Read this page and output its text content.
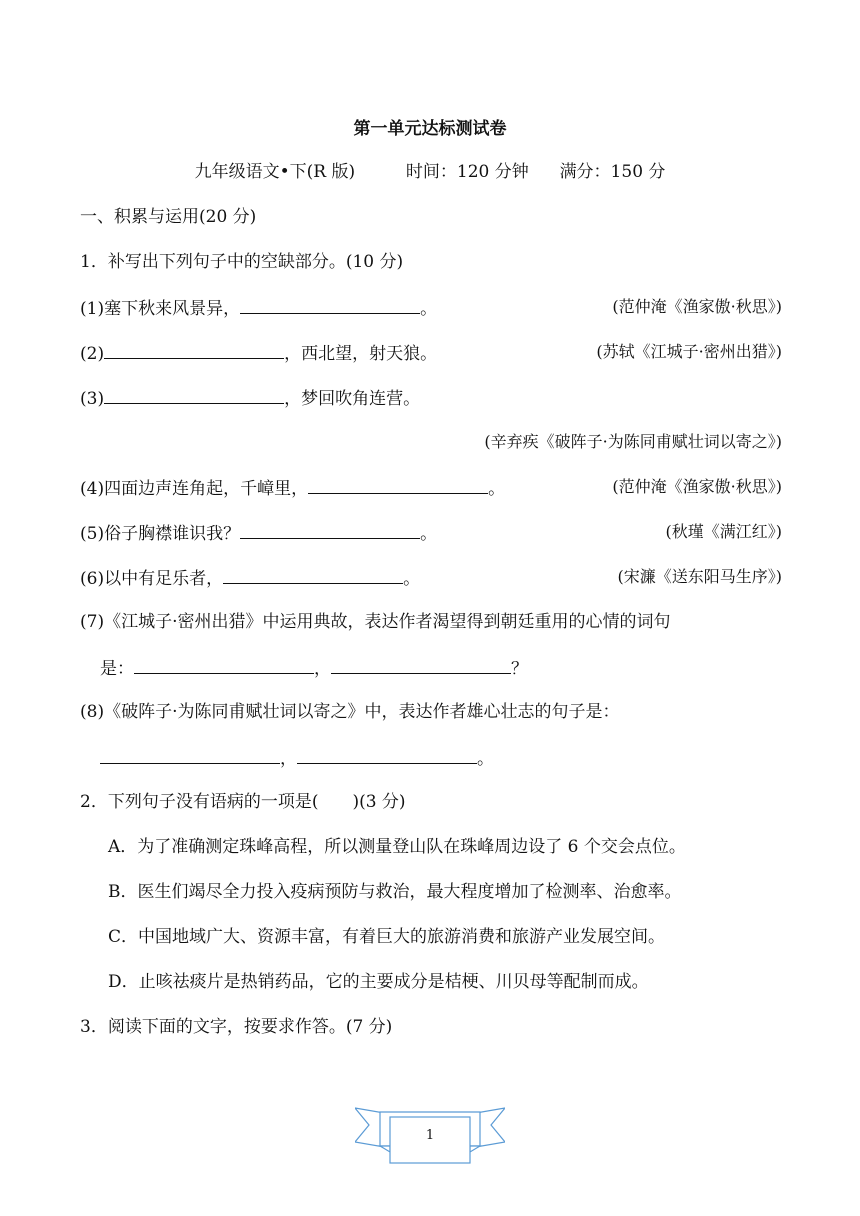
第一单元达标测试卷
九年级语文•下(R 版)	时间：120 分钟 满分：150 分
一、积累与运用(20 分)
1．补写出下列句子中的空缺部分。(10 分)
(1)塞下秋来风景异，	。	(范仲淹《渔家傲·秋思》)
(2)	，西北望，射天狼。	(苏轼《江城子·密州出猎》)
(3)	，梦回吹角连营。
(辛弃疾《破阵子·为陈同甫赋壮词以寄之》)
(4)四面边声连角起，千嶂里，	。	(范仲淹《渔家傲·秋思》)
(5)俗子胸襟谁识我？	。	(秋瑾《满江红》)
(6)以中有足乐者，	。	(宋濂《送东阳马生序》)
(7)《江城子·密州出猎》中运用典故，表达作者渴望得到朝廷重用的心情的词句
是：	，	？
(8)《破阵子·为陈同甫赋壮词以寄之》中，表达作者雄心壮志的句子是：
，	。
2．下列句子没有语病的一项是(　　)(3 分)
A．为了准确测定珠峰高程，所以测量登山队在珠峰周边设了 6 个交会点位。
B．医生们竭尽全力投入疫病预防与救治，最大程度增加了检测率、治愈率。
C．中国地域广大、资源丰富，有着巨大的旅游消费和旅游产业发展空间。
D．止咳祛痰片是热销药品，它的主要成分是桔梗、川贝母等配制而成。
3．阅读下面的文字，按要求作答。(7 分)
1
